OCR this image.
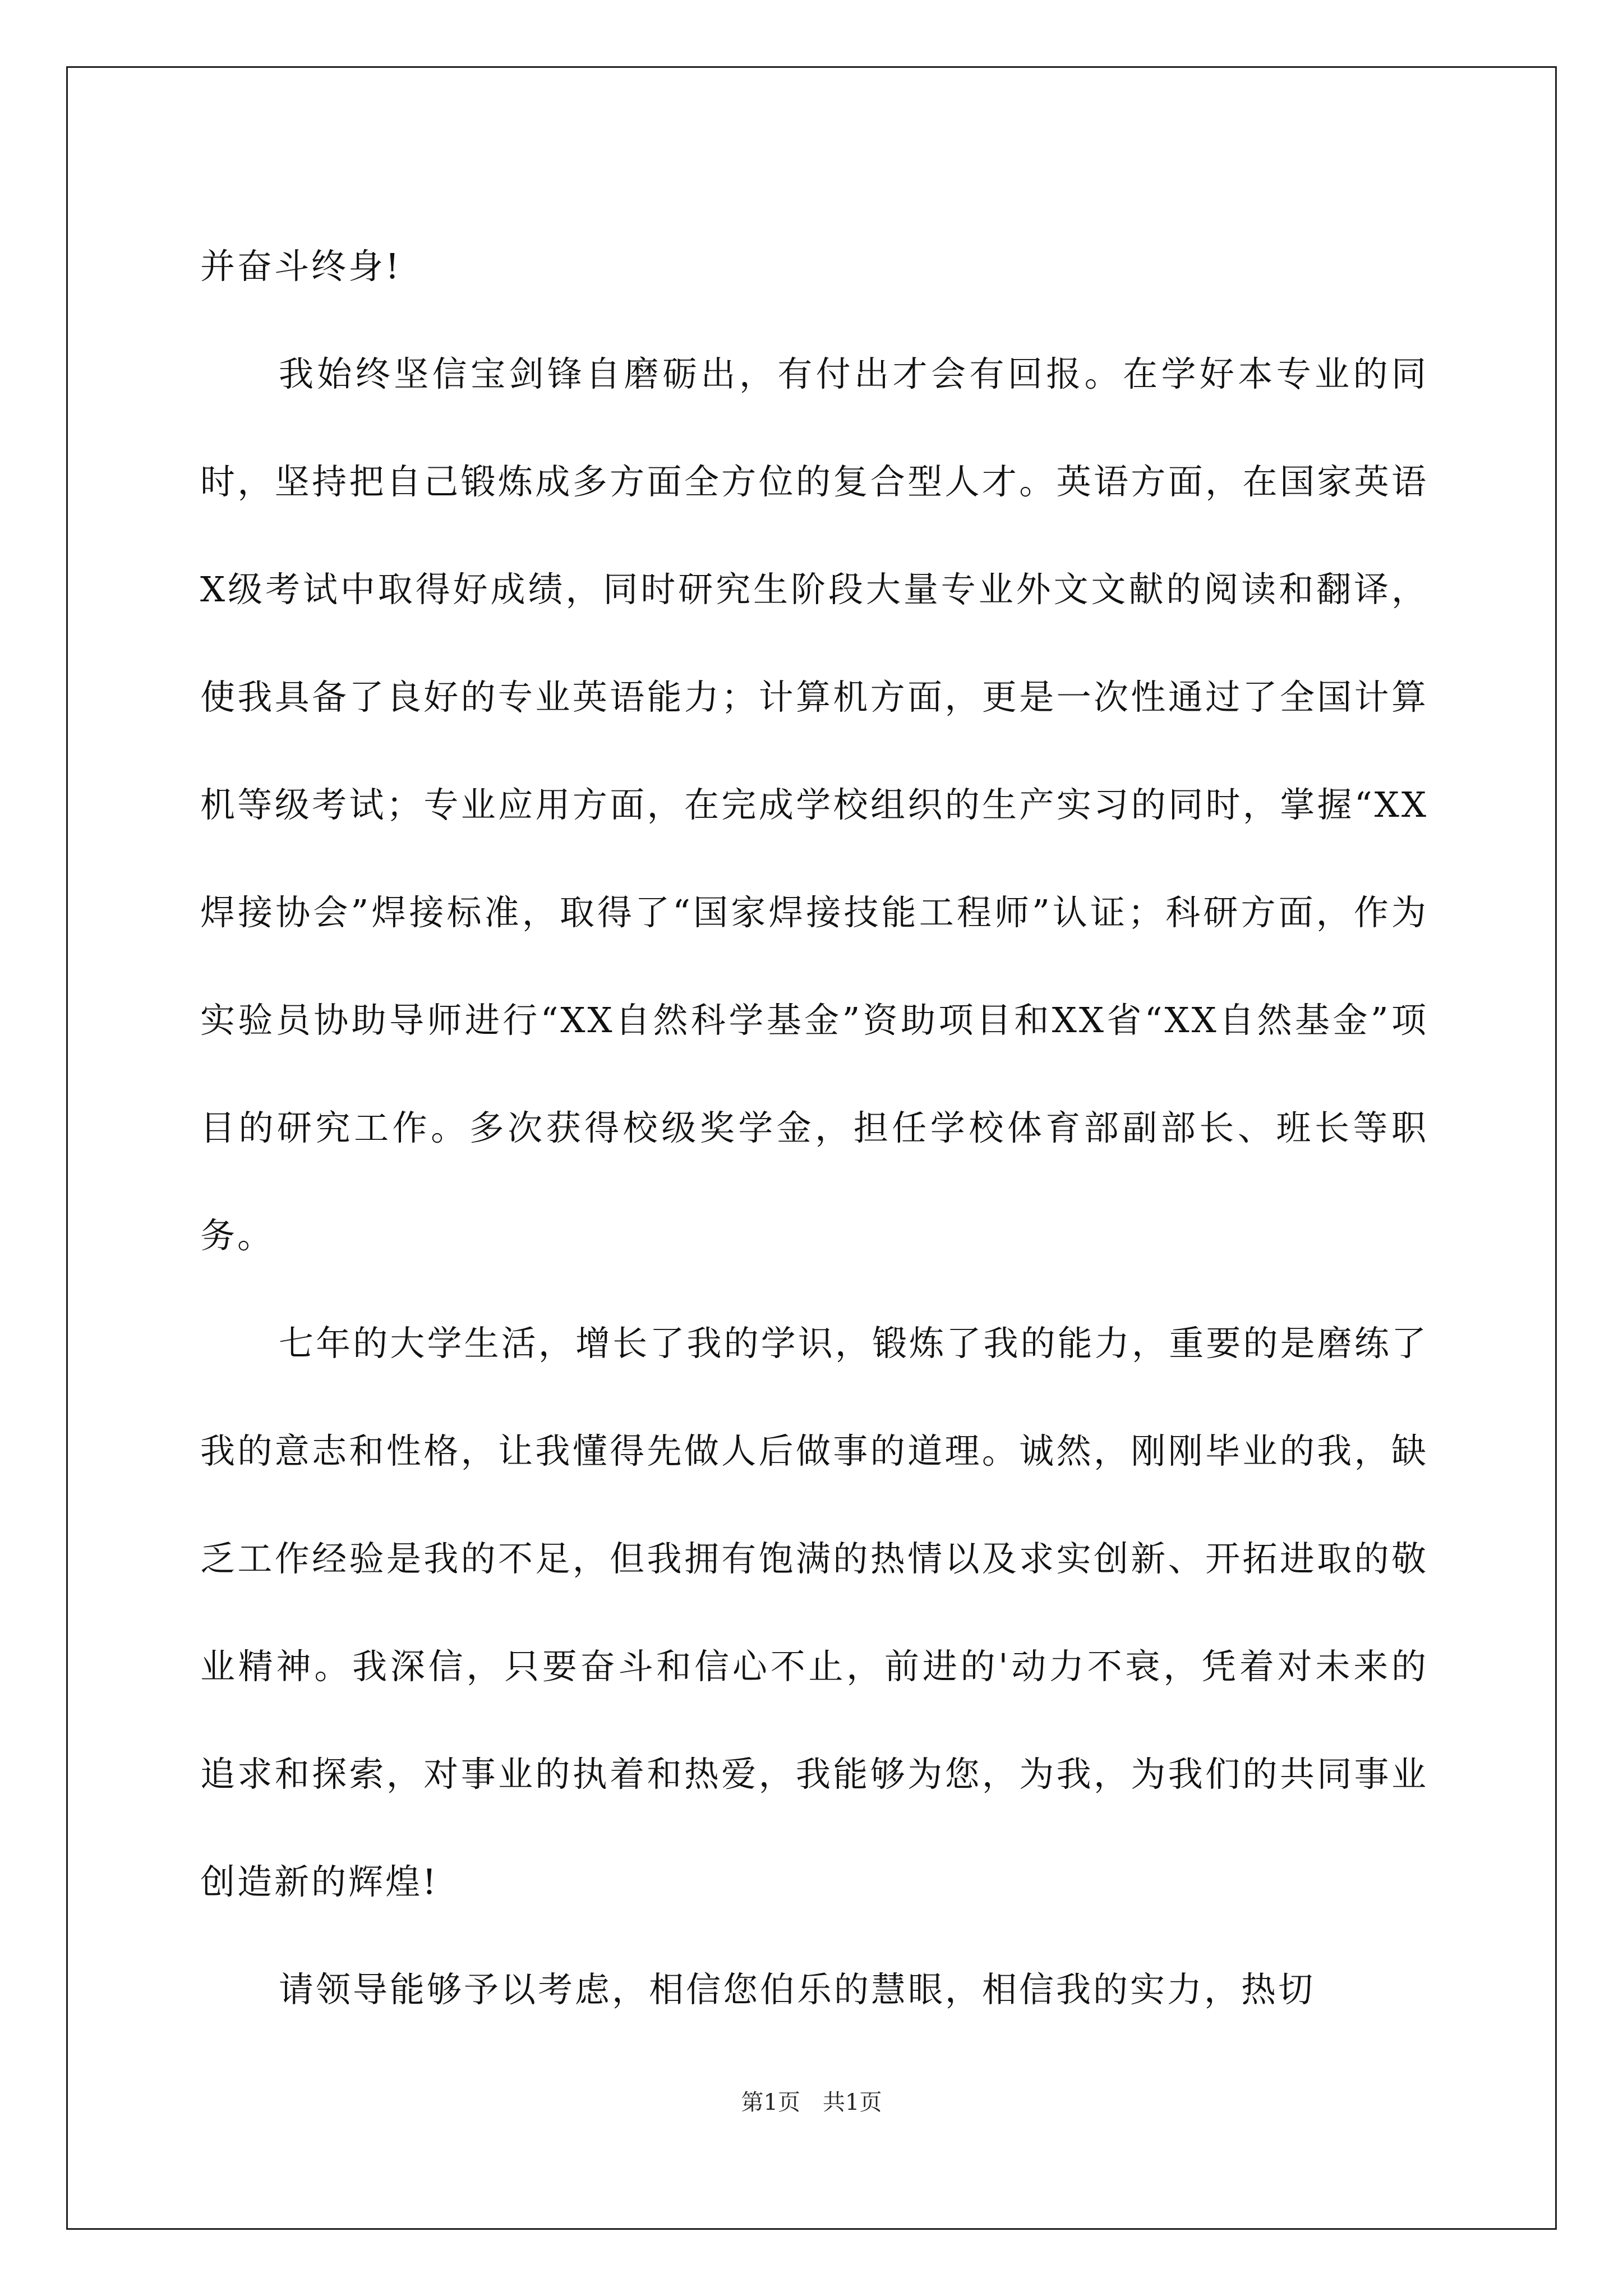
并奋斗终身!

我始终坚信宝剑锋自磨砺出，有付出才会有回报。在学好本专业的同时，坚持把自己锻炼成多方面全方位的复合型人才。英语方面，在国家英语X级考试中取得好成绩，同时研究生阶段大量专业外文文献的阅读和翻译，使我具备了良好的专业英语能力；计算机方面，更是一次性通过了全国计算机等级考试；专业应用方面，在完成学校组织的生产实习的同时，掌握“XX焊接协会”焊接标准，取得了“国家焊接技能工程师”认证；科研方面，作为实验员协助导师进行“XX自然科学基金”资助项目和XX省“XX自然基金”项目的研究工作。多次获得校级奖学金，担任学校体育部副部长、班长等职务。

七年的大学生活，增长了我的学识，锻炼了我的能力，重要的是磨练了我的意志和性格，让我懂得先做人后做事的道理。诚然，刚刚毕业的我，缺乏工作经验是我的不足，但我拥有饱满的热情以及求实创新、开拓进取的敬业精神。我深信，只要奋斗和信心不止，前进的'动力不衰，凭着对未来的追求和探索，对事业的执着和热爱，我能够为您，为我，为我们的共同事业创造新的辉煌!

请领导能够予以考虑，相信您伯乐的慧眼，相信我的实力，热切

第1页 共1页
